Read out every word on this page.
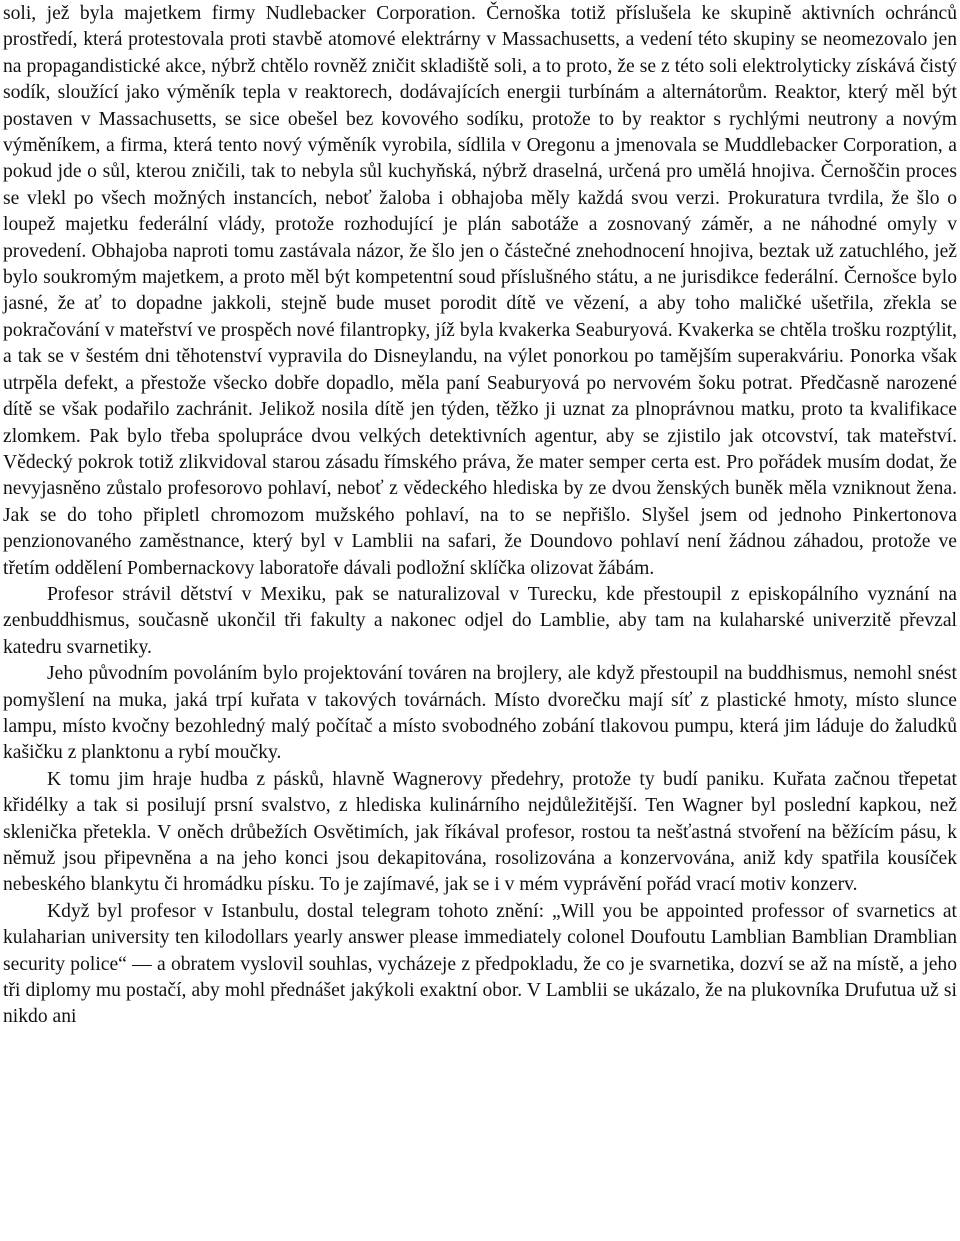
soli, jež byla majetkem firmy Nudlebacker Corporation. Černoška totiž příslušela ke skupině aktivních ochránců prostředí, která protestovala proti stavbě atomové elektrárny v Massachusetts, a vedení této skupiny se neomezovalo jen na propagandistické akce, nýbrž chtělo rovněž zničit skladiště soli, a to proto, že se z této soli elektrolyticky získává čistý sodík, sloužící jako výměník tepla v reaktorech, dodávajících energii turbínám a alternátorům. Reaktor, který měl být postaven v Massachusetts, se sice obešel bez kovového sodíku, protože to by reaktor s rychlými neutrony a novým výměníkem, a firma, která tento nový výměník vyrobila, sídlila v Oregonu a jmenovala se Muddlebacker Corporation, a pokud jde o sůl, kterou zničili, tak to nebyla sůl kuchyňská, nýbrž draselná, určená pro umělá hnojiva. Černoščin proces se vlekl po všech možných instancích, neboť žaloba i obhajoba měly každá svou verzi. Prokuratura tvrdila, že šlo o loupež majetku federální vlády, protože rozhodující je plán sabotáže a zosnovaný záměr, a ne náhodné omyly v provedení. Obhajoba naproti tomu zastávala názor, že šlo jen o částečné znehodnocení hnojiva, beztak už zatuchlého, jež bylo soukromým majetkem, a proto měl být kompetentní soud příslušného státu, a ne jurisdikce federální. Černošce bylo jasné, že ať to dopadne jakkoli, stejně bude muset porodit dítě ve vězení, a aby toho maličké ušetřila, zřekla se pokračování v mateřství ve prospěch nové filantropky, jíž byla kvakerka Seaburyová. Kvakerka se chtěla trošku rozptýlit, a tak se v šestém dni těhotenství vypravila do Disneylandu, na výlet ponorkou po tamějším superakváriu. Ponorka však utrpěla defekt, a přestože všecko dobře dopadlo, měla paní Seaburyová po nervovém šoku potrat. Předčasně narozené dítě se však podařilo zachránit. Jelikož nosila dítě jen týden, těžko ji uznat za plnoprávnou matku, proto ta kvalifikace zlomkem. Pak bylo třeba spolupráce dvou velkých detektivních agentur, aby se zjistilo jak otcovství, tak mateřství. Vědecký pokrok totiž zlikvidoval starou zásadu římského práva, že mater semper certa est. Pro pořádek musím dodat, že nevyjasněno zůstalo profesorovo pohlaví, neboť z vědeckého hlediska by ze dvou ženských buněk měla vzniknout žena. Jak se do toho připletl chromozom mužského pohlaví, na to se nepřišlo. Slyšel jsem od jednoho Pinkertonova penzionovaného zaměstnance, který byl v Lamblii na safari, že Doundovo pohlaví není žádnou záhadou, protože ve třetím oddělení Pombernackovy laboratoře dávali podložní sklíčka olizovat žábám.

Profesor strávil dětství v Mexiku, pak se naturalizoval v Turecku, kde přestoupil z episkopálního vyznání na zenbuddhismus, současně ukončil tři fakulty a nakonec odjel do Lamblie, aby tam na kulaharské univerzitě převzal katedru svarnetiky.

Jeho původním povoláním bylo projektování továren na brojlery, ale když přestoupil na buddhismus, nemohl snést pomyšlení na muka, jaká trpí kuřata v takových továrnách. Místo dvorečku mají síť z plastické hmoty, místo slunce lampu, místo kvočny bezohledný malý počítač a místo svobodného zobání tlakovou pumpu, která jim láduje do žaludků kašičku z planktonu a rybí moučky.

K tomu jim hraje hudba z pásků, hlavně Wagnerovy předehry, protože ty budí paniku. Kuřata začnou třepetat křidélky a tak si posilují prsní svalstvo, z hlediska kulinárního nejdůležitější. Ten Wagner byl poslední kapkou, než sklenička přetekla. V oněch drůbežích Osvětimích, jak říkával profesor, rostou ta nešťastná stvoření na běžícím pásu, k němuž jsou připevněna a na jeho konci jsou dekapitována, rosolizována a konzervována, aniž kdy spatřila kousíček nebeského blankytu či hromádku písku. To je zajímavé, jak se i v mém vyprávění pořád vrací motiv konzerv.

Když byl profesor v Istanbulu, dostal telegram tohoto znění: „Will you be appointed professor of svarnetics at kulaharian university ten kilodollars yearly answer please immediately colonel Doufoutu Lamblian Bamblian Dramblian security police“ — a obratem vyslovil souhlas, vycházeje z předpokladu, že co je svarnetika, dozví se až na místě, a jeho tři diplomy mu postačí, aby mohl přednášet jakýkoli exaktní obor. V Lamblii se ukázalo, že na plukovníka Drufutua už si nikdo ani
